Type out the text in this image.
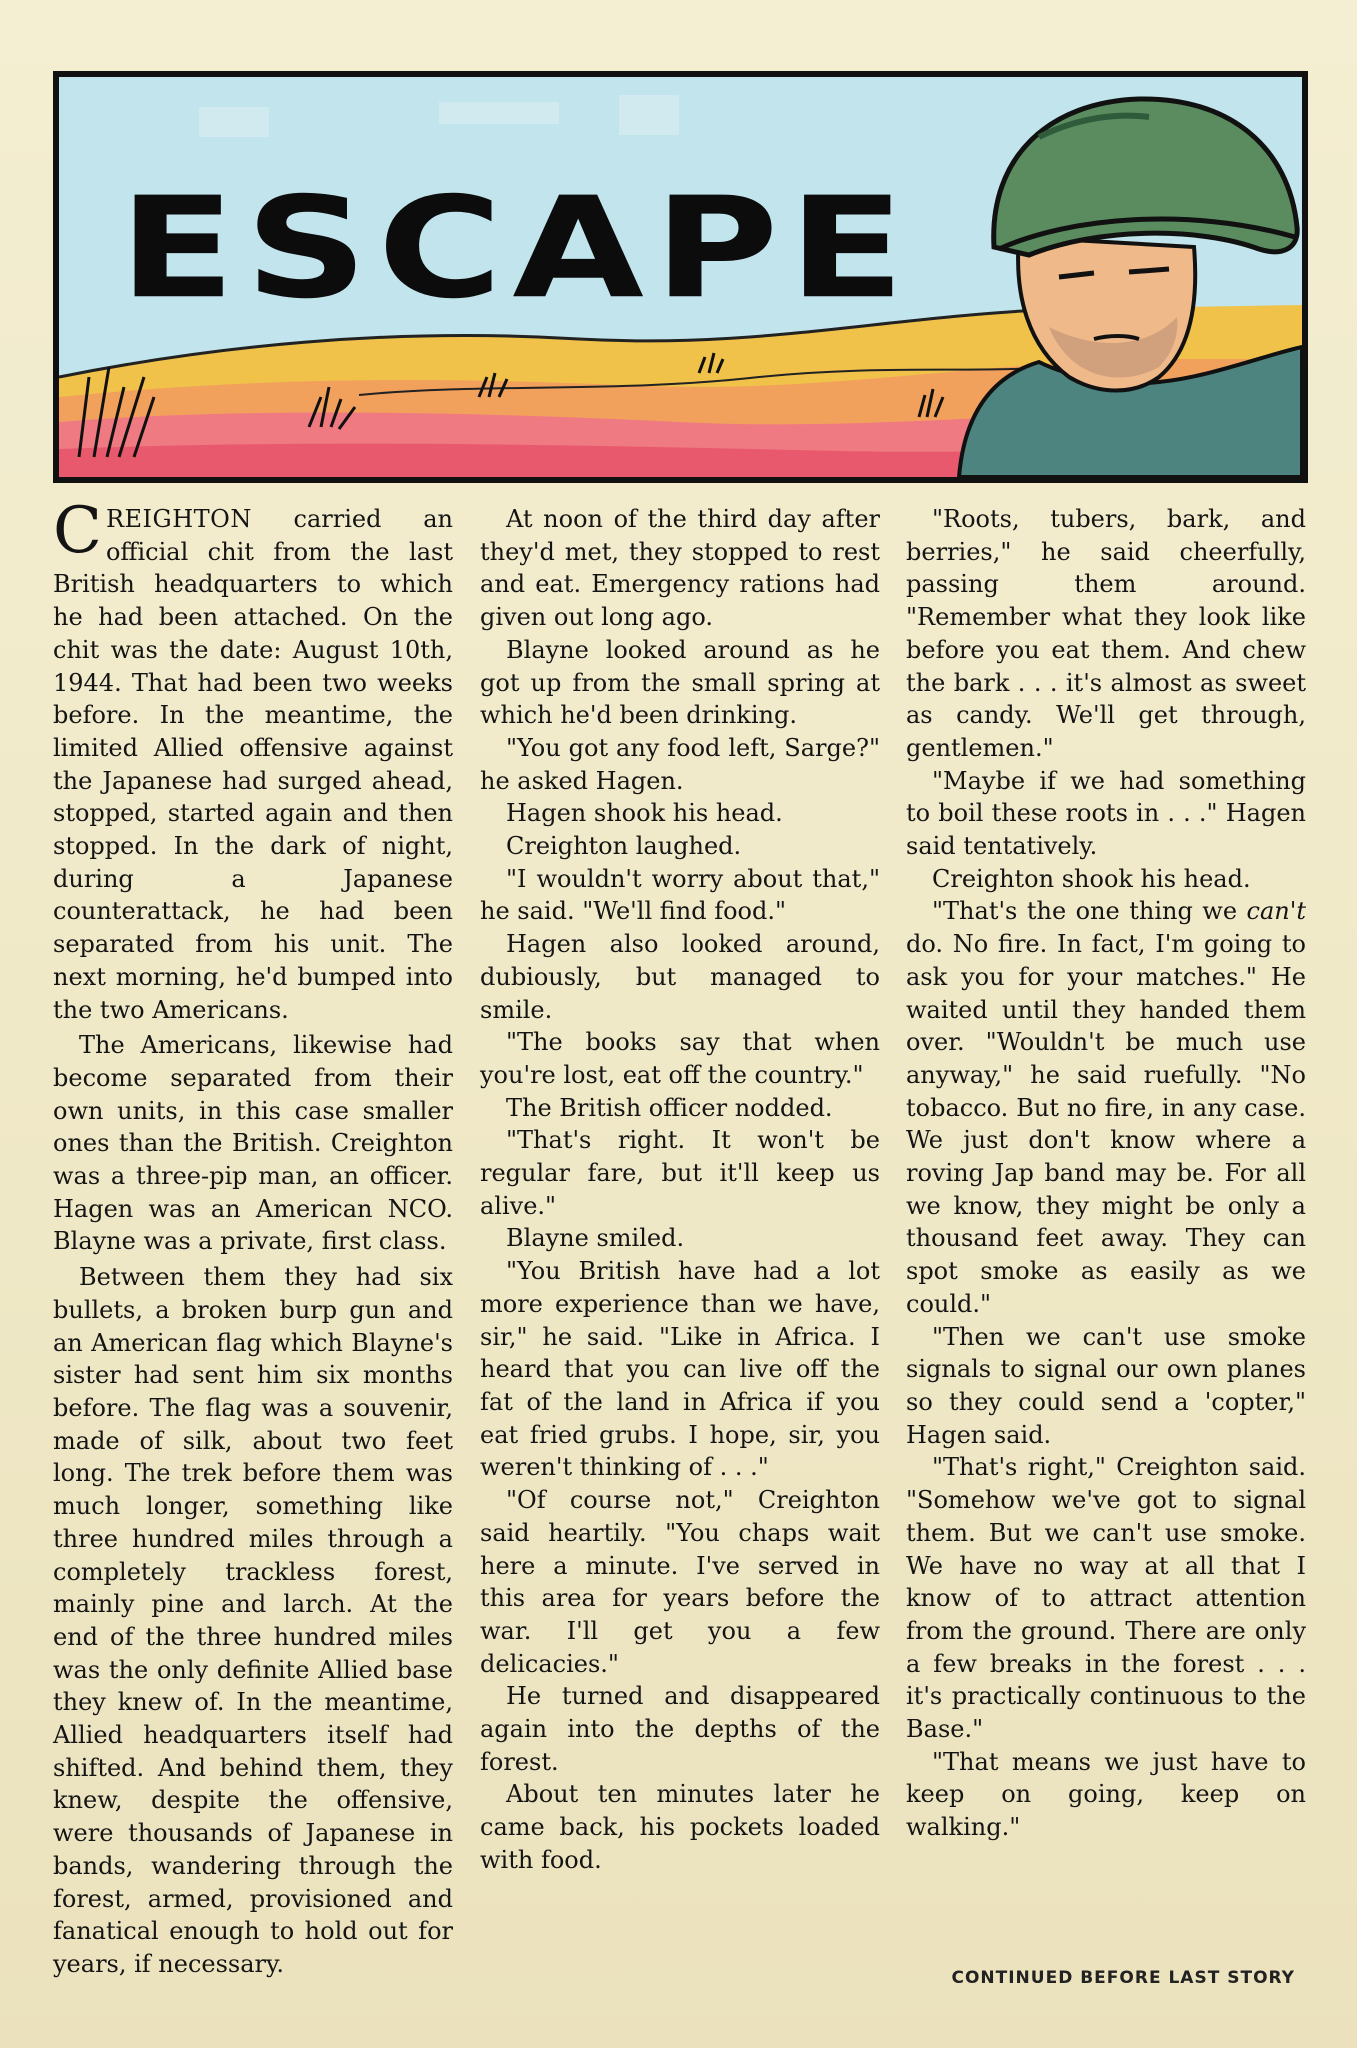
ESCAPE

CREIGHTON carried an official chit from the last British headquarters to which he had been attached. On the chit was the date: August 10th, 1944. That had been two weeks before. In the meantime, the limited Allied offensive against the Japanese had surged ahead, stopped, started again and then stopped. In the dark of night, during a Japanese counterattack, he had been separated from his unit. The next morning, he'd bumped into the two Americans.

The Americans, likewise had become separated from their own units, in this case smaller ones than the British. Creighton was a three-pip man, an officer. Hagen was an American NCO. Blayne was a private, first class.

Between them they had six bullets, a broken burp gun and an American flag which Blayne's sister had sent him six months before. The flag was a souvenir, made of silk, about two feet long. The trek before them was much longer, something like three hundred miles through a completely trackless forest, mainly pine and larch. At the end of the three hundred miles was the only definite Allied base they knew of. In the meantime, Allied headquarters itself had shifted. And behind them, they knew, despite the offensive, were thousands of Japanese in bands, wandering through the forest, armed, provisioned and fanatical enough to hold out for years, if necessary.

At noon of the third day after they'd met, they stopped to rest and eat. Emergency rations had given out long ago.

Blayne looked around as he got up from the small spring at which he'd been drinking.

"You got any food left, Sarge?" he asked Hagen.

Hagen shook his head.

Creighton laughed.

"I wouldn't worry about that," he said. "We'll find food."

Hagen also looked around, dubiously, but managed to smile.

"The books say that when you're lost, eat off the country."

The British officer nodded.

"That's right. It won't be regular fare, but it'll keep us alive."

Blayne smiled.

"You British have had a lot more experience than we have, sir," he said. "Like in Africa. I heard that you can live off the fat of the land in Africa if you eat fried grubs. I hope, sir, you weren't thinking of . . ."

"Of course not," Creighton said heartily. "You chaps wait here a minute. I've served in this area for years before the war. I'll get you a few delicacies."

He turned and disappeared again into the depths of the forest.

About ten minutes later he came back, his pockets loaded with food.

"Roots, tubers, bark, and berries," he said cheerfully, passing them around. "Remember what they look like before you eat them. And chew the bark . . . it's almost as sweet as candy. We'll get through, gentlemen."

"Maybe if we had something to boil these roots in . . ." Hagen said tentatively.

Creighton shook his head.

"That's the one thing we can't do. No fire. In fact, I'm going to ask you for your matches." He waited until they handed them over. "Wouldn't be much use anyway," he said ruefully. "No tobacco. But no fire, in any case. We just don't know where a roving Jap band may be. For all we know, they might be only a thousand feet away. They can spot smoke as easily as we could."

"Then we can't use smoke signals to signal our own planes so they could send a 'copter," Hagen said.

"That's right," Creighton said. "Somehow we've got to signal them. But we can't use smoke. We have no way at all that I know of to attract attention from the ground. There are only a few breaks in the forest . . . it's practically continuous to the Base."

"That means we just have to keep on going, keep on walking."

CONTINUED BEFORE LAST STORY
